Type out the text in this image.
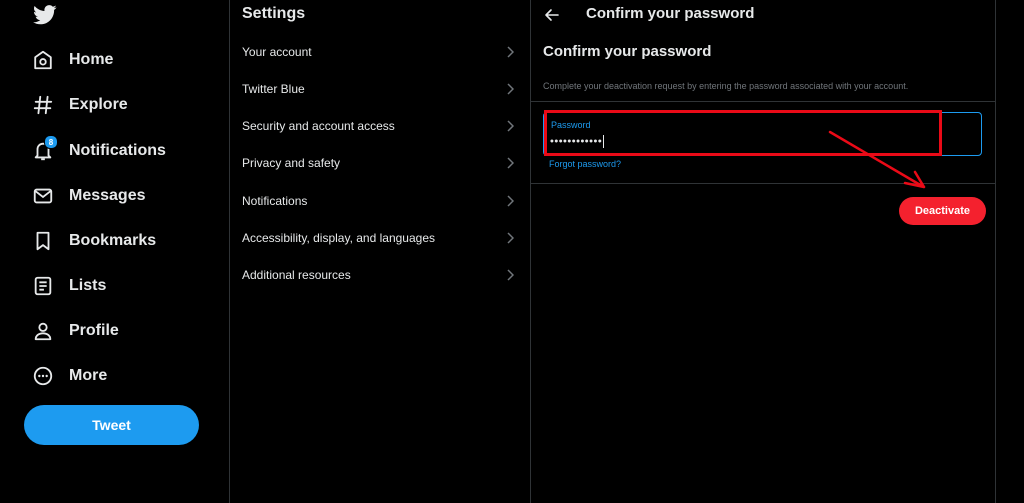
Home
Explore
8 Notifications
Messages
Bookmarks
Lists
Profile
More
Tweet
Settings
Your account
Twitter Blue
Security and account access
Privacy and safety
Notifications
Accessibility, display, and languages
Additional resources
Confirm your password
Confirm your password
Complete your deactivation request by entering the password associated with your account.
Password
••••••••••••
Forgot password?
Deactivate
